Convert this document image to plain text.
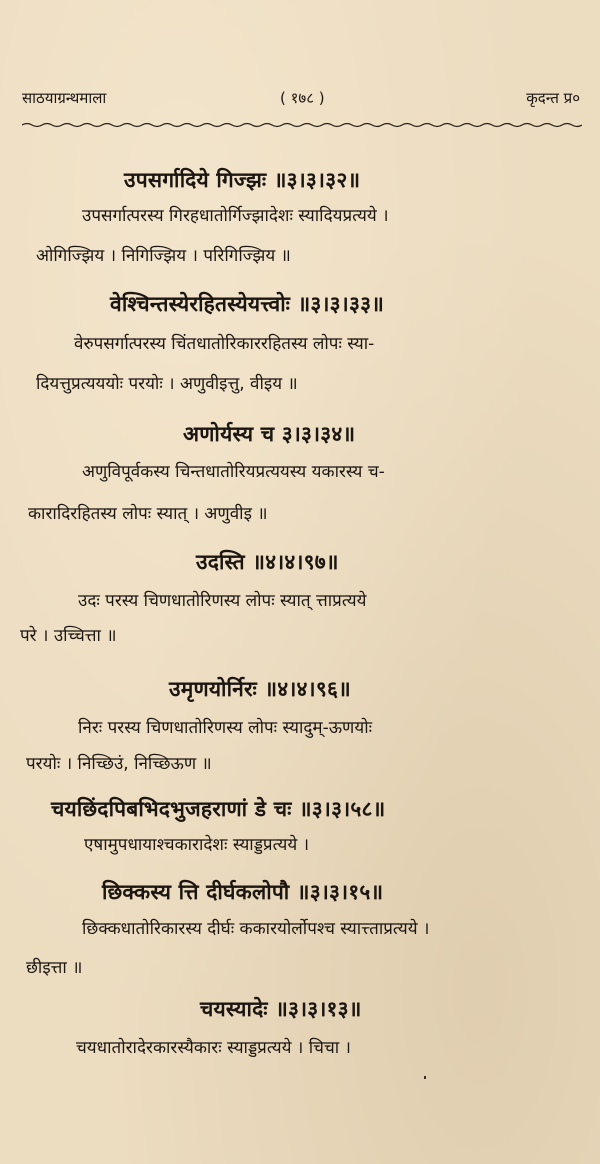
साठयाग्रन्थमाला	( १७८ )	कृदन्त प्र०
उपसर्गादिये गिज्झः ॥३।३।३२॥
उपसर्गात्परस्य गिरहधातोर्गिज्झादेशः स्यादियप्रत्यये ।
ओगिज्झिय । निगिज्झिय । परिगिज्झिय ॥
वेश्चिन्तस्येरहितस्येयत्त्वोः ॥३।३।३३॥
वेरुपसर्गात्परस्य चिंतधातोरिकाररहितस्य लोपः स्या-
दियत्तुप्रत्यययोः परयोः । अणुवीइत्तु, वीइय ॥
अणोर्यस्य च ३।३।३४॥
अणुविपूर्वकस्य चिन्तधातोरियप्रत्ययस्य यकारस्य च-
कारादिरहितस्य लोपः स्यात् । अणुवीइ ॥
उदस्ति ॥४।४।९७॥
उदः परस्य चिणधातोरिणस्य लोपः स्यात् त्ताप्रत्यये
परे । उच्चित्ता ॥
उमृणयोर्निरः ॥४।४।९६॥
निरः परस्य चिणधातोरिणस्य लोपः स्यादुम्-ऊणयोः
परयोः । निच्छिउं, निच्छिऊण ॥
चयछिंदपिबभिदभुजहराणां डे चः ॥३।३।५८॥
एषामुपधायाश्चकारादेशः स्याड्डप्रत्यये ।
छिक्कस्य त्ति दीर्घकलोपौ ॥३।३।१५॥
छिक्कधातोरिकारस्य दीर्घः ककारयोर्लोपश्च स्यात्त्ताप्रत्यये ।
छीइत्ता ॥
चयस्यादेः ॥३।३।१३॥
चयधातोरादेरकारस्यैकारः स्याड्डप्रत्यये । चिचा ।
